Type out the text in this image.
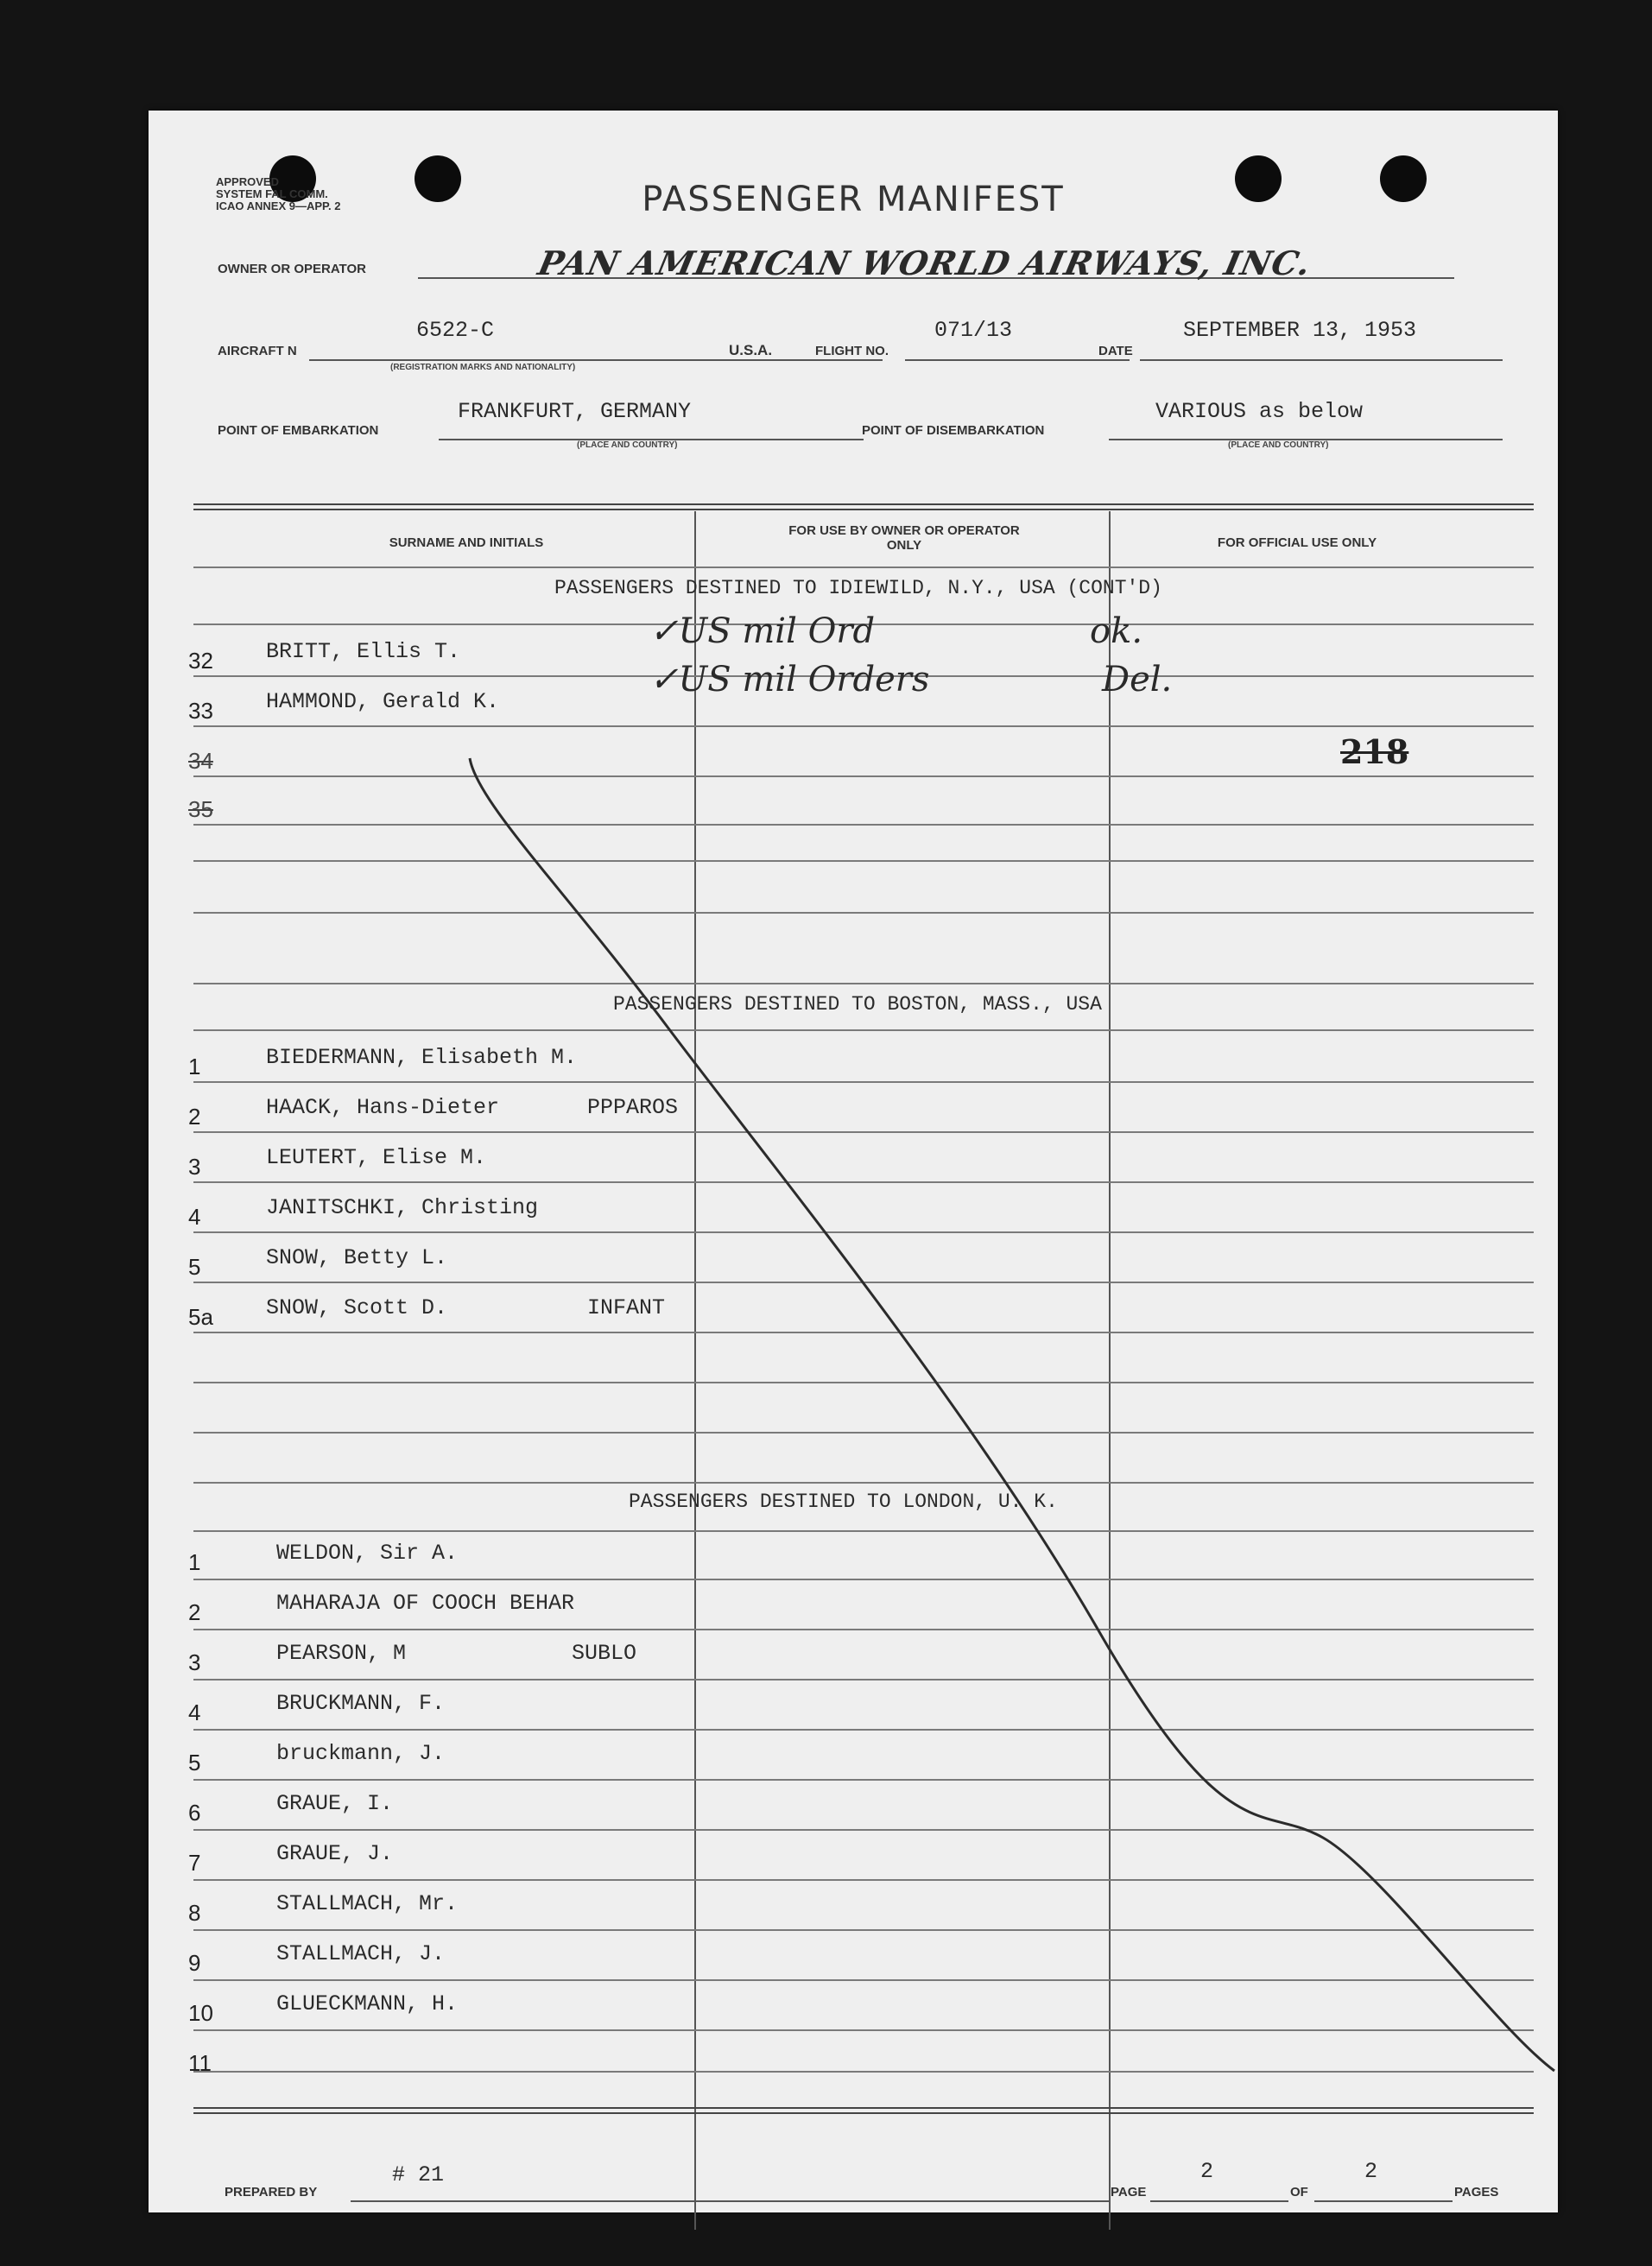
APPROVED
SYSTEM FAL COMM.
ICAO ANNEX 9—APP. 2	PASSENGER MANIFEST
OWNER OR OPERATOR	PAN AMERICAN WORLD AIRWAYS, INC.
AIRCRAFT N
6522-C
(REGISTRATION MARKS AND NATIONALITY)
U.S.A.	FLIGHT NO.
071/13
DATE
SEPTEMBER 13, 1953
POINT OF EMBARKATION
FRANKFURT, GERMANY
(PLACE AND COUNTRY)
POINT OF DISEMBARKATION
VARIOUS as below
(PLACE AND COUNTRY)
SURNAME AND INITIALS
FOR USE BY OWNER OR OPERATOR ONLY	FOR OFFICIAL USE ONLY
PASSENGERS DESTINED TO IDIEWILD, N.Y., USA (CONT'D)
32 BRITT, Ellis T.
33 HAMMOND, Gerald K.
34
35
PASSENGERS DESTINED TO BOSTON, MASS., USA
1	BIEDERMANN, Elisabeth M.
2	HAACK, Hans-Dieter	PPPAROS
3	LEUTERT, Elise M.
4	JANITSCHKI, Christing
5	SNOW, Betty L.
5a SNOW, Scott D.	INFANT
PASSENGERS DESTINED TO LONDON, U. K.
1	WELDON, Sir A.
2	MAHARAJA OF COOCH BEHAR
3	PEARSON, M	SUBLO
4	BRUCKMANN, F.
5	bruckmann, J.
6	GRAUE, I.
7	GRAUE, J.
8	STALLMACH, Mr.
9	STALLMACH, J.
10	GLUECKMANN, H.
11
✓US mil Ord	ok.
✓US mil Orders	Del.
218
PREPARED BY
# 21
PAGE
2
OF
2
PAGES
